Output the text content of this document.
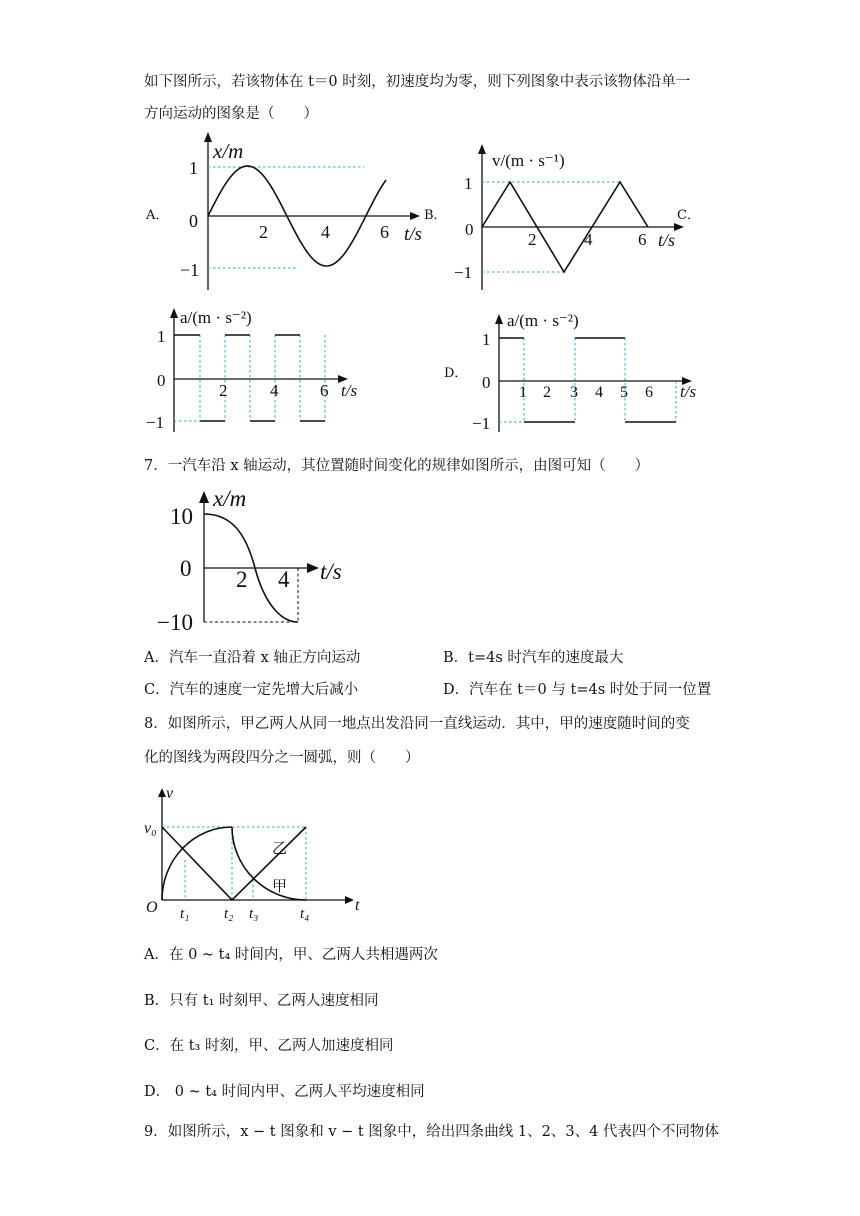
如下图所示，若该物体在 t＝0 时刻，初速度均为零，则下列图象中表示该物体沿单一
方向运动的图象是（　　）
A．	B．	C．
D．
x/m
t/s
1
0
−1
2	4	6
v/(m · s⁻¹)
t/s
1
0
−1
2	4	6
a/(m · s⁻²)
t/s
1
0
−1
2	4 6
a/(m · s⁻²)
t/s
1
0
−1
1 2 3 4 5 6
7．一汽车沿 x 轴运动，其位置随时间变化的规律如图所示，由图可知（　　）
x/m
t/s
10
0
−10
2 4
A．汽车一直沿着 x 轴正方向运动	B．t=4s 时汽车的速度最大
C．汽车的速度一定先增大后减小	D．汽车在 t＝0 与 t=4s 时处于同一位置
8．如图所示，甲乙两人从同一地点出发沿同一直线运动．其中，甲的速度随时间的变
化的图线为两段四分之一圆弧，则（　　）
v
t
O
v₀
乙
甲
t₁ t₂ t₃	t₄
A．在 0 ~ t₄ 时间内，甲、乙两人共相遇两次
B．只有 t₁ 时刻甲、乙两人速度相同
C．在 t₃ 时刻，甲、乙两人加速度相同
D． 0 ~ t₄ 时间内甲、乙两人平均速度相同
9．如图所示，x − t 图象和 v − t 图象中，给出四条曲线 1、2、3、4 代表四个不同物体
